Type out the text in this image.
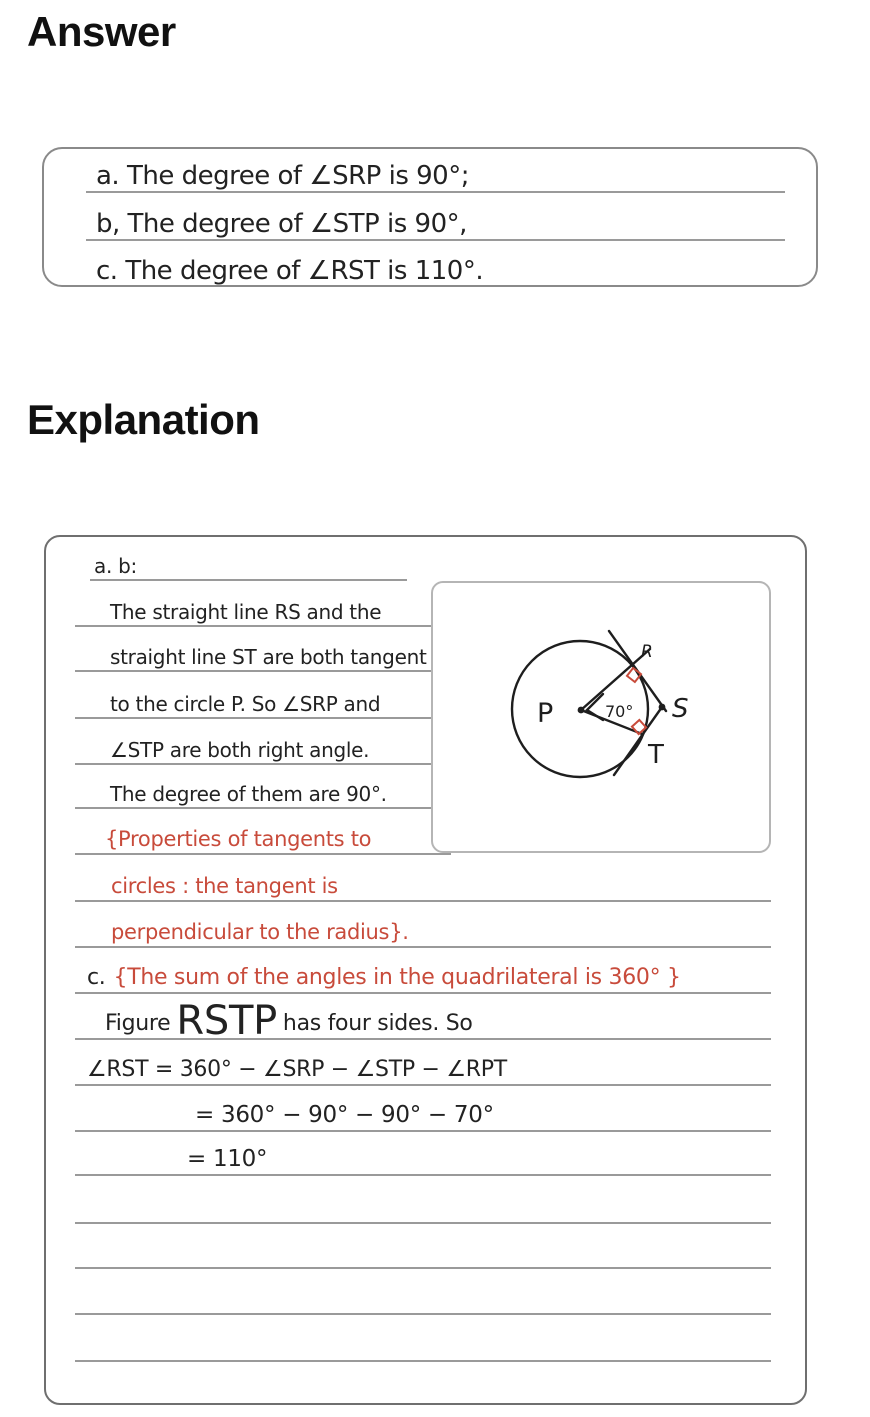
Answer
a. The degree of ∠SRP is 90°;
b, The degree of ∠STP is 90°,
c. The degree of ∠RST is 110°.
Explanation
a. b:
The straight line RS and the
straight line ST are both tangent
to the circle P. So ∠SRP and
∠STP are both right angle.
The degree of them are 90°.
{Properties of tangents to
circles : the tangent is
perpendicular to the radius}.
c. {The sum of the angles in the quadrilateral is 360° }
Figure RSTP has four sides. So
∠RST = 360° − ∠SRP − ∠STP − ∠RPT
= 360° − 90° − 90° − 70°
= 110°
P	70°
R
S
T
